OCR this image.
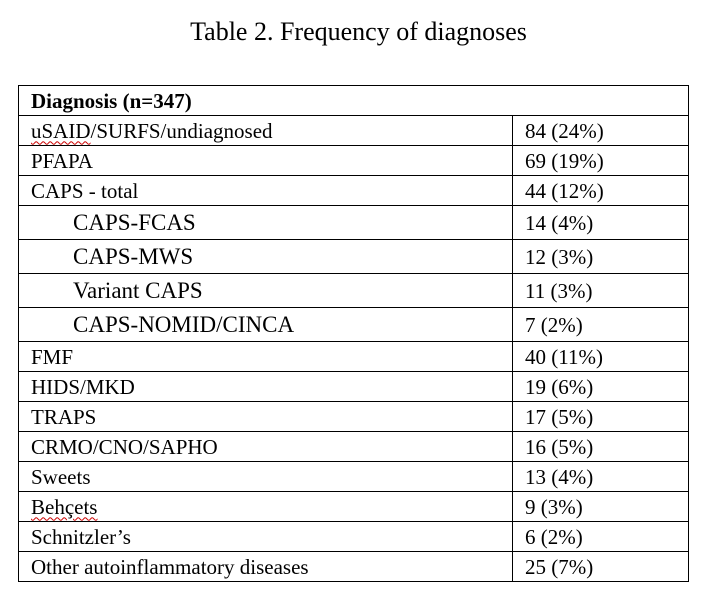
Table 2. Frequency of diagnoses
Diagnosis (n=347)	
uSAID/SURFS/undiagnosed	84 (24%)
PFAPA	69 (19%)
CAPS - total	44 (12%)
CAPS-FCAS	14 (4%)
CAPS-MWS	12 (3%)
Variant CAPS	11 (3%)
CAPS-NOMID/CINCA	7 (2%)
FMF	40 (11%)
HIDS/MKD	19 (6%)
TRAPS	17 (5%)
CRMO/CNO/SAPHO	16 (5%)
Sweets	13 (4%)
Behçets	9 (3%)
Schnitzler’s	6 (2%)
Other autoinflammatory diseases	25 (7%)
